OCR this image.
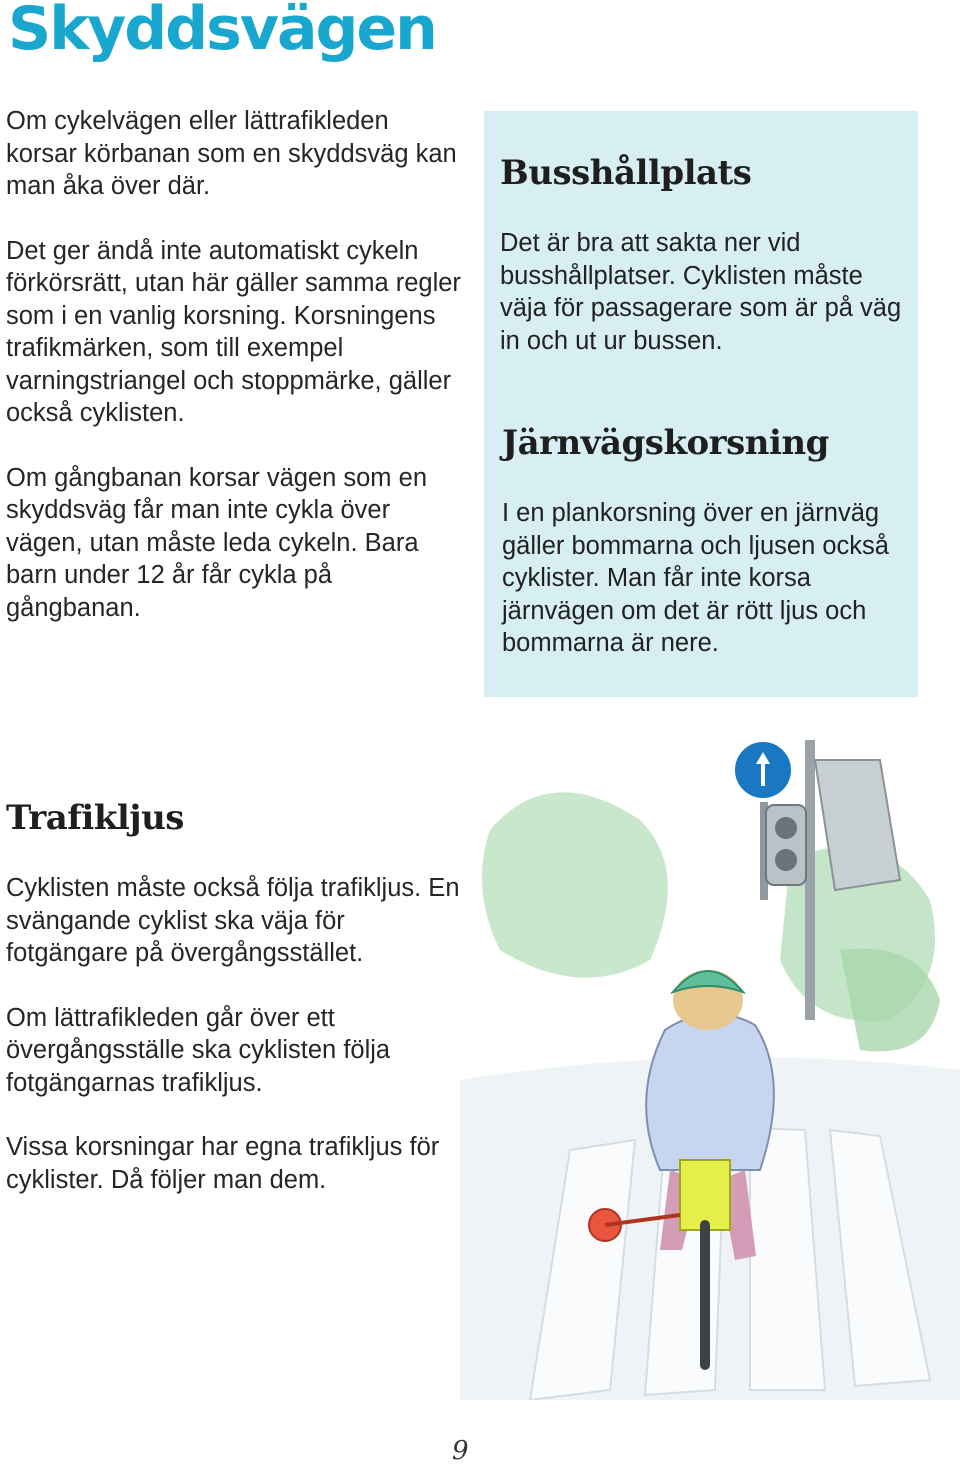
Skyddsvägen

Om cykelvägen eller lättrafikleden korsar körbanan som en skyddsväg kan man åka över där.

Det ger ändå inte automatiskt cykeln förkörsrätt, utan här gäller samma regler som i en vanlig korsning. Korsningens trafikmärken, som till exempel varningstriangel och stoppmärke, gäller också cyklisten.

Om gångbanan korsar vägen som en skyddsväg får man inte cykla över vägen, utan måste leda cykeln. Bara barn under 12 år får cykla på gångbanan.

Busshållplats
Det är bra att sakta ner vid busshållplatser. Cyklisten måste väja för passagerare som är på väg in och ut ur bussen.
Järnvägskorsning
I en plankorsning över en järnväg gäller bommarna och ljusen också cyklister. Man får inte korsa järnvägen om det är rött ljus och bommarna är nere.
Trafikljus

Cyklisten måste också följa trafikljus. En svängande cyklist ska väja för fotgängare på övergångsstället.

Om lättrafikleden går över ett övergångsställe ska cyklisten följa fotgängarnas trafikljus.

Vissa korsningar har egna trafikljus för cyklister. Då följer man dem.

9
